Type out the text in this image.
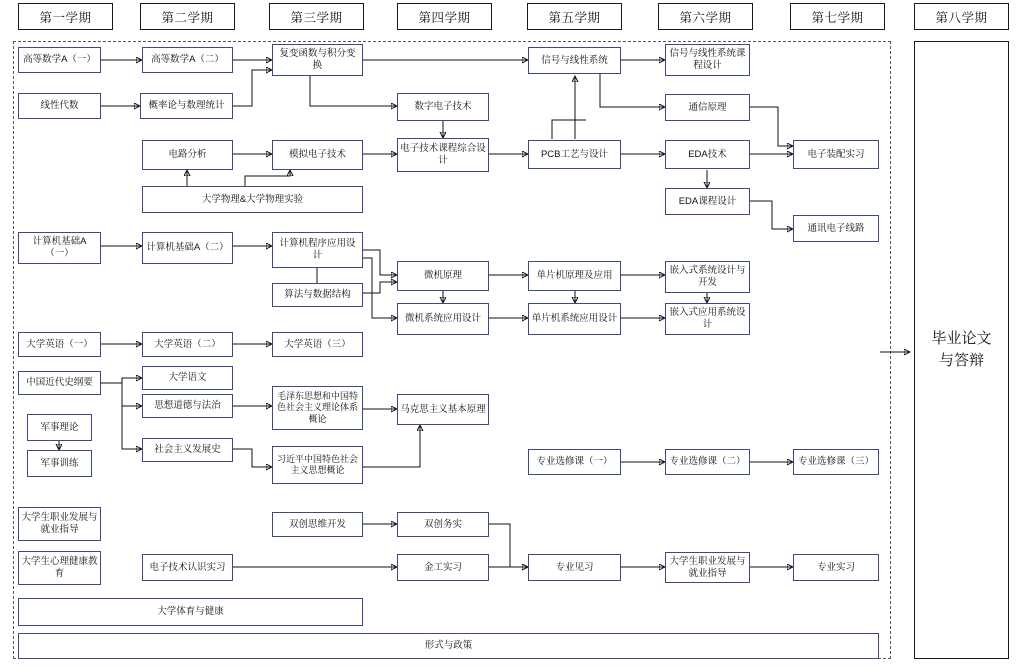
第一学期	第二学期	第三学期	第四学期	第五学期	第六学期	第七学期	第八学期
高等数学A（一）	高等数学A（二）
复变函数与积分变换	信号与线性系统
信号与线性系统课程设计
线性代数	概率论与数理统计	数字电子技术	通信原理
电路分析	模拟电子技术
电子技术课程综合设计
PCB工艺与设计	EDA技术	电子装配实习
大学物理&大学物理实验	EDA课程设计
通讯电子线路
计算机基础A（一）
计算机基础A（二）	计算机程序应用设计
微机原理	单片机原理及应用	嵌入式系统设计与开发
算法与数据结构
微机系统应用设计	单片机系统应用设计
嵌入式应用系统设计
大学英语（一）	大学英语（二）	大学英语（三）
中国近代史纲要	大学语文
思想道德与法治
毛泽东思想和中国特色社会主义理论体系概论
马克思主义基本原理
军事理论
社会主义发展史
习近平中国特色社会主义思想概论
军事训练	专业选修课（一）	专业选修课（二）	专业选修课（三）
大学生职业发展与就业指导	双创思维开发	双创务实
大学生心理健康教育
电子技术认识实习	金工实习	专业见习
大学生职业发展与就业指导
专业实习
大学体育与健康
形式与政策
毕业论文
与答辩
